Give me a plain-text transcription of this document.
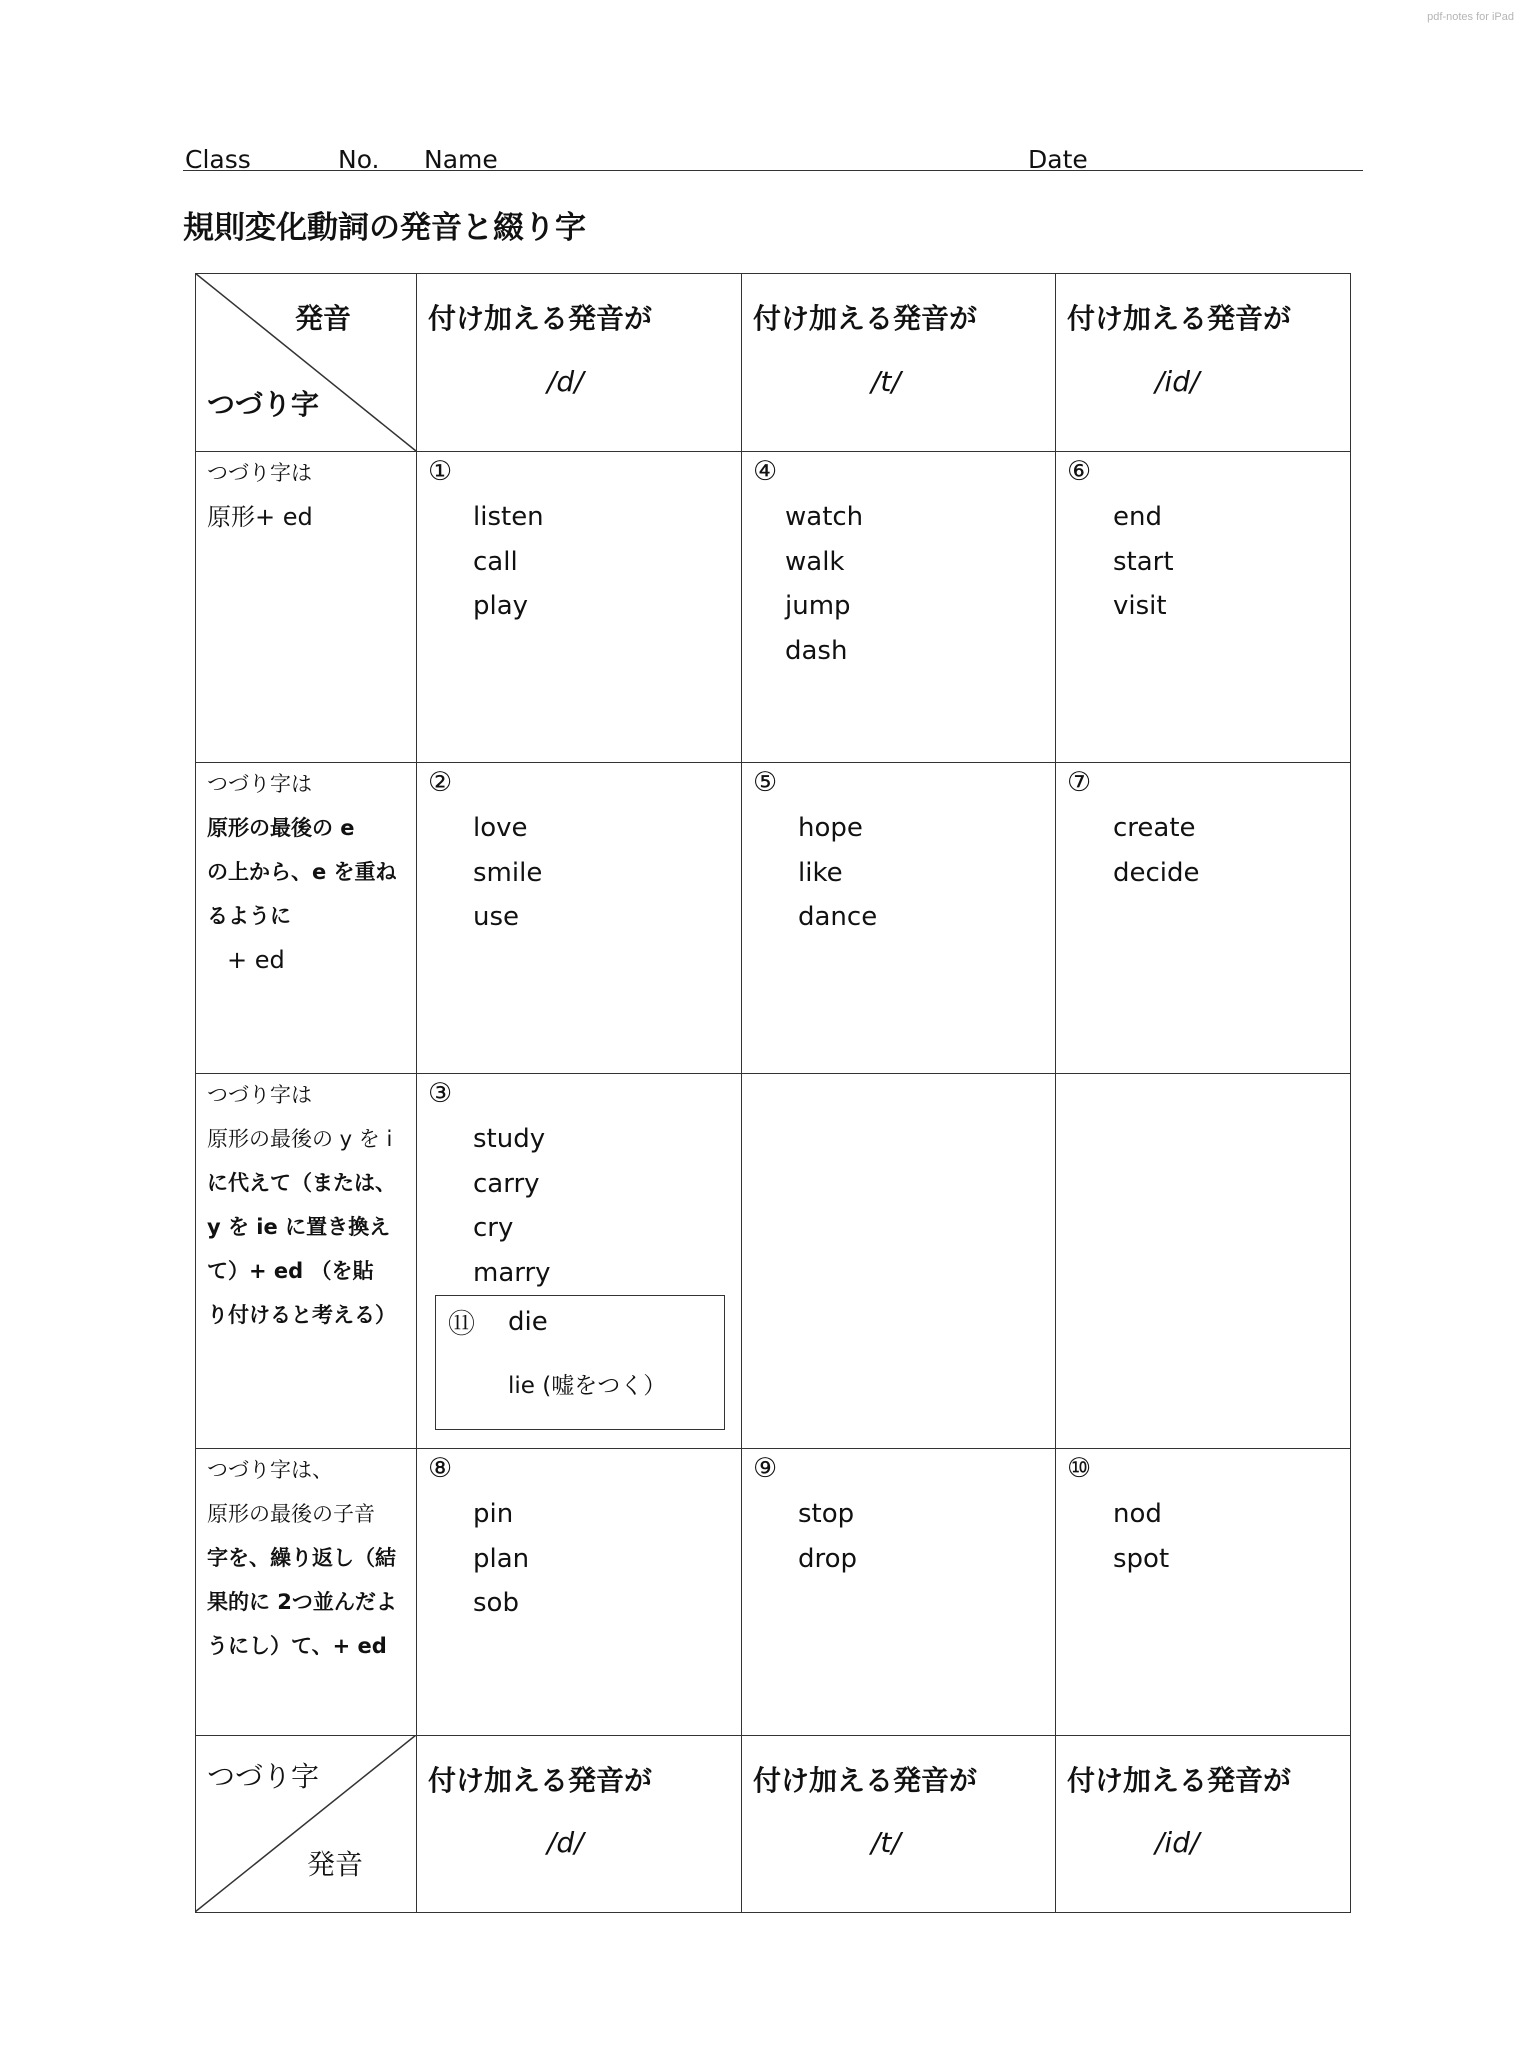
pdf-notes for iPad
Class	No. Name	Date
規則変化動詞の発音と綴り字
発音
つづり字
付け加える発音が
/d/
付け加える発音が
/t/
付け加える発音が
/id/
つづり字は
原形+ ed
①
listen
call
play
④
watch
walk
jump
dash
⑥
end
start
visit
つづり字は
原形の最後の e
の上から、e を重ね
るように
+ ed
②
love
smile
use
⑤
hope
like
dance
⑦
create
decide
つづり字は
原形の最後の y を i
に代えて（または、
y を ie に置き換え
て）+ ed （を貼
り付けると考える）
③
study
carry
cry
marry
⑪ die
lie (嘘をつく）
つづり字は、
原形の最後の子音
字を、繰り返し（結
果的に 2つ並んだよ
うにし）て、+ ed
⑧
pin
plan
sob
⑨
stop
drop
⑩
nod
spot
つづり字
発音
付け加える発音が
/d/
付け加える発音が
/t/
付け加える発音が
/id/
